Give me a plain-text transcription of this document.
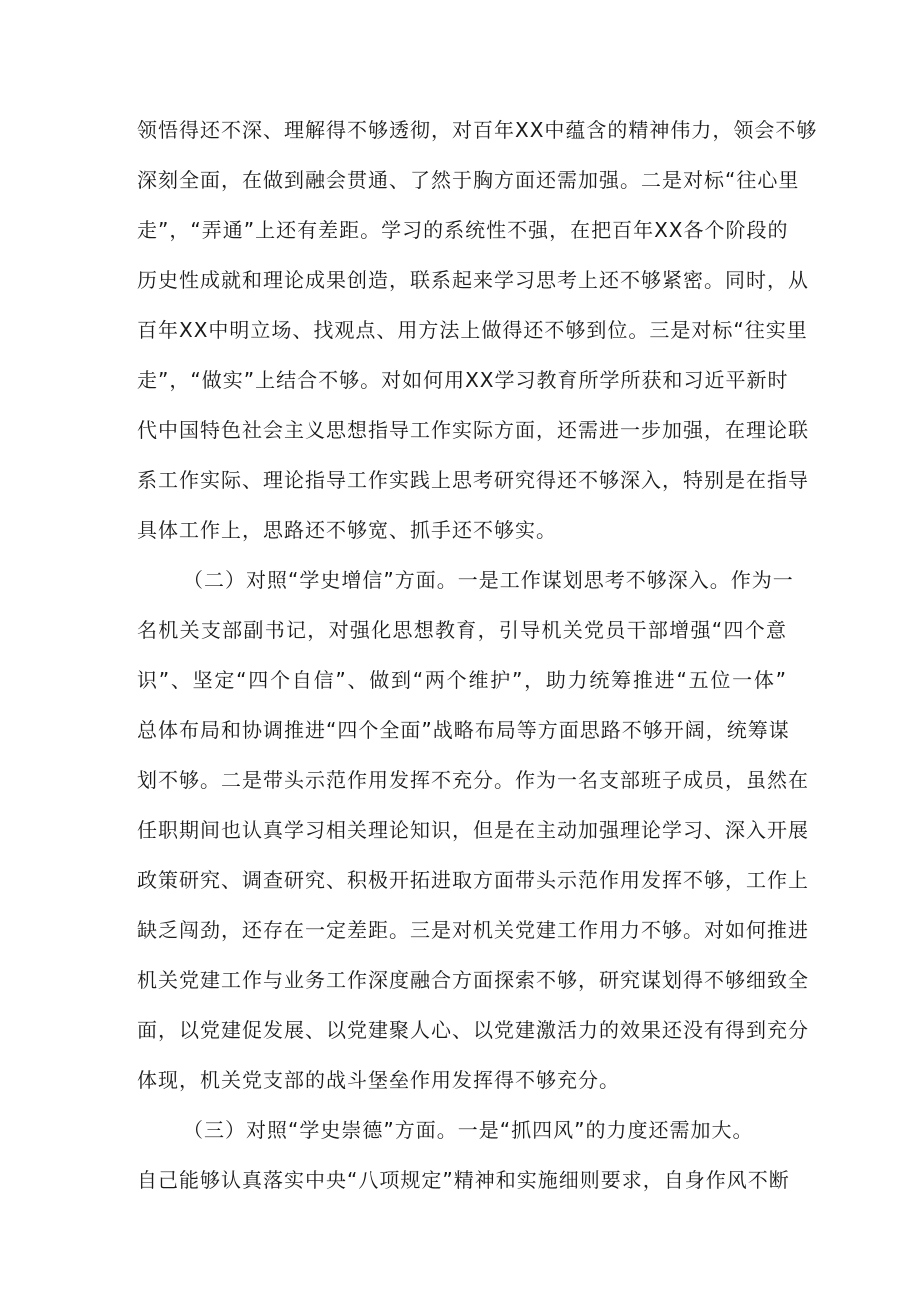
领悟得还不深、理解得不够透彻，对百年XX中蕴含的精神伟力，领会不够
深刻全面，在做到融会贯通、了然于胸方面还需加强。二是对标“往心里
走”，“弄通”上还有差距。学习的系统性不强，在把百年XX各个阶段的
历史性成就和理论成果创造，联系起来学习思考上还不够紧密。同时，从
百年XX中明立场、找观点、用方法上做得还不够到位。三是对标“往实里
走”，“做实”上结合不够。对如何用XX学习教育所学所获和习近平新时
代中国特色社会主义思想指导工作实际方面，还需进一步加强，在理论联
系工作实际、理论指导工作实践上思考研究得还不够深入，特别是在指导
具体工作上，思路还不够宽、抓手还不够实。
（二）对照“学史增信”方面。一是工作谋划思考不够深入。作为一
名机关支部副书记，对强化思想教育，引导机关党员干部增强“四个意
识”、坚定“四个自信”、做到“两个维护”，助力统筹推进“五位一体”
总体布局和协调推进“四个全面”战略布局等方面思路不够开阔，统筹谋
划不够。二是带头示范作用发挥不充分。作为一名支部班子成员，虽然在
任职期间也认真学习相关理论知识，但是在主动加强理论学习、深入开展
政策研究、调查研究、积极开拓进取方面带头示范作用发挥不够，工作上
缺乏闯劲，还存在一定差距。三是对机关党建工作用力不够。对如何推进
机关党建工作与业务工作深度融合方面探索不够，研究谋划得不够细致全
面，以党建促发展、以党建聚人心、以党建激活力的效果还没有得到充分
体现，机关党支部的战斗堡垒作用发挥得不够充分。
（三）对照“学史崇德”方面。一是“抓四风”的力度还需加大。
自己能够认真落实中央“八项规定”精神和实施细则要求，自身作风不断
